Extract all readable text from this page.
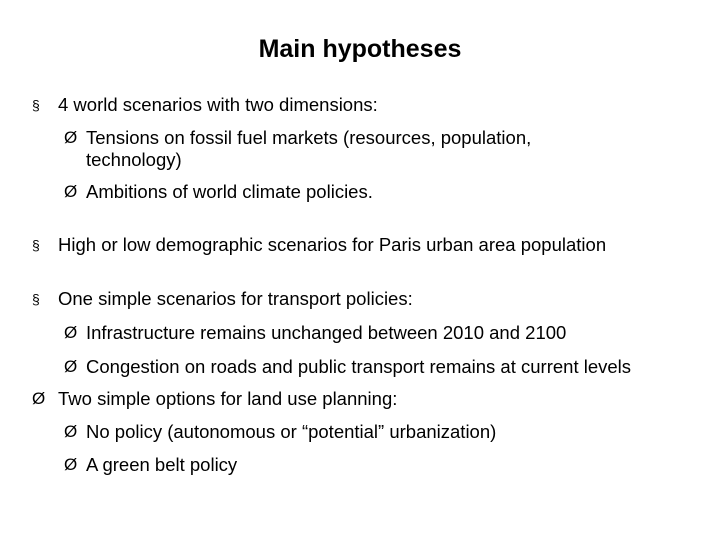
Main hypotheses
§ 4 world scenarios with two dimensions:
Ø Tensions on fossil fuel markets (resources, population, technology)
Ø Ambitions of world climate policies.
§ High or low demographic scenarios for Paris urban area population
§ One simple scenarios for transport policies:
Ø Infrastructure remains unchanged between 2010 and 2100
Ø Congestion on roads and public transport remains at current levels
Ø Two simple options for land use planning:
Ø No policy (autonomous or “potential” urbanization)
Ø A green belt policy
